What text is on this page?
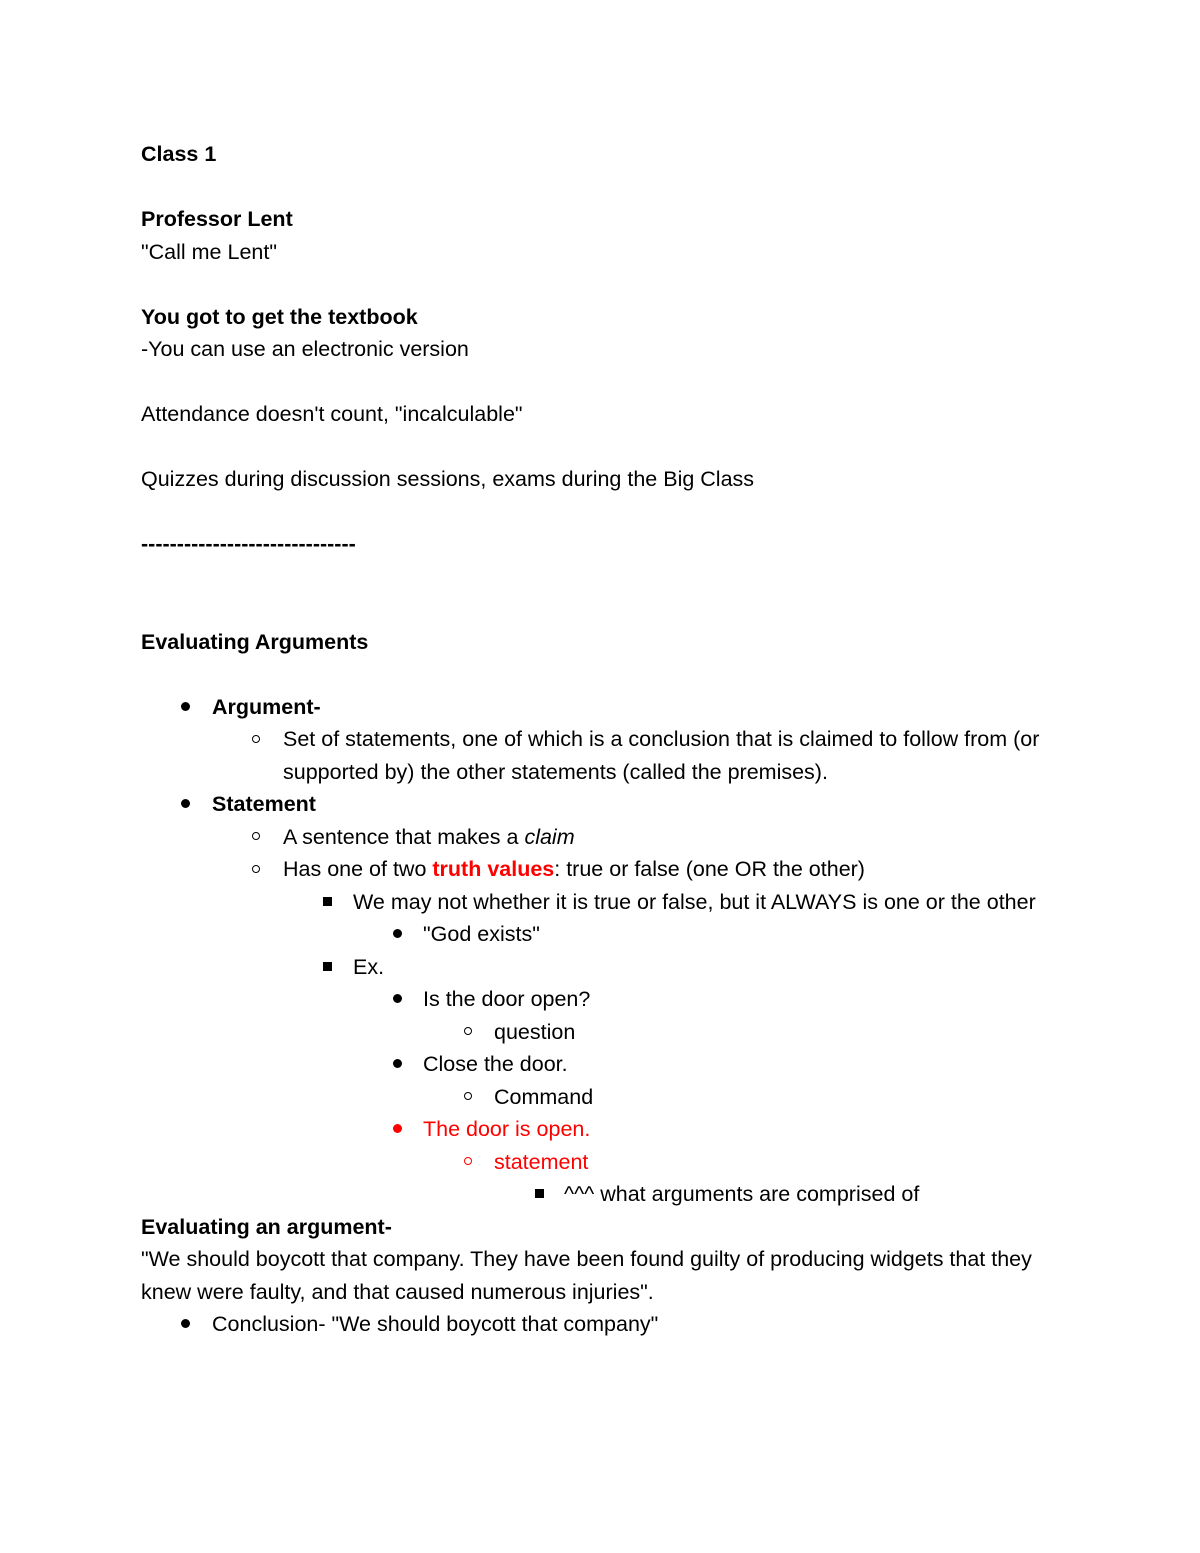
Class 1
Professor Lent
"Call me Lent"
You got to get the textbook
-You can use an electronic version
Attendance doesn't count, "incalculable"
Quizzes during discussion sessions, exams during the Big Class
------------------------------
Evaluating Arguments
Argument-
Set of statements, one of which is a conclusion that is claimed to follow from (or supported by) the other statements (called the premises).
Statement
A sentence that makes a claim
Has one of two truth values: true or false (one OR the other)
We may not whether it is true or false, but it ALWAYS is one or the other
"God exists"
Ex.
Is the door open?
question
Close the door.
Command
The door is open.
statement
^^^ what arguments are comprised of
Evaluating an argument-
"We should boycott that company. They have been found guilty of producing widgets that they knew were faulty, and that caused numerous injuries".
Conclusion- "We should boycott that company"
